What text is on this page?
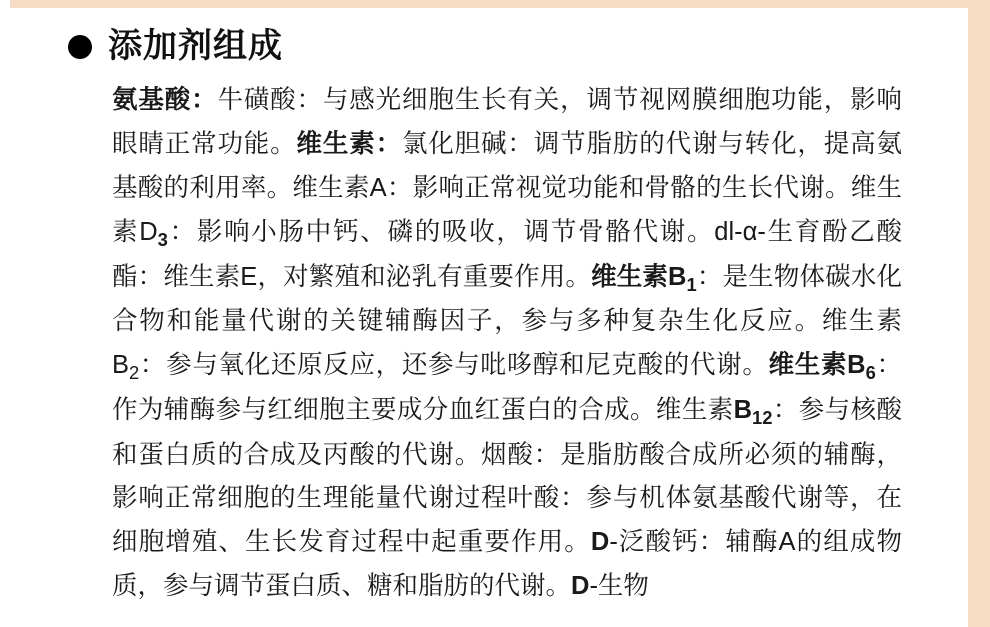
添加剂组成
氨基酸：牛磺酸：与感光细胞生长有关，调节视网膜细胞功能，影响眼睛正常功能。维生素：氯化胆碱：调节脂肪的代谢与转化，提高氨基酸的利用率。维生素A：影响正常视觉功能和骨骼的生长代谢。维生素$D_3$：影响小肠中钙、磷的吸收，调节骨骼代谢。dl-α-生育酚乙酸酯：维生素E，对繁殖和泌乳有重要作用。维生素$B_1$：是生物体碳水化合物和能量代谢的关键辅酶因子，参与多种复杂生化反应。维生素$B_2$：参与氧化还原反应，还参与吡哆醇和尼克酸的代谢。维生素$B_6$：作为辅酶参与红细胞主要成分血红蛋白的合成。维生素$B_{12}$：参与核酸和蛋白质的合成及丙酸的代谢。烟酸：是脂肪酸合成所必须的辅酶，影响正常细胞的生理能量代谢过程叶酸：参与机体氨基酸代谢等，在细胞增殖、生长发育过程中起重要作用。D-泛酸钙：辅酶A的组成物质，参与调节蛋白质、糖和脂肪的代谢。D-生物
